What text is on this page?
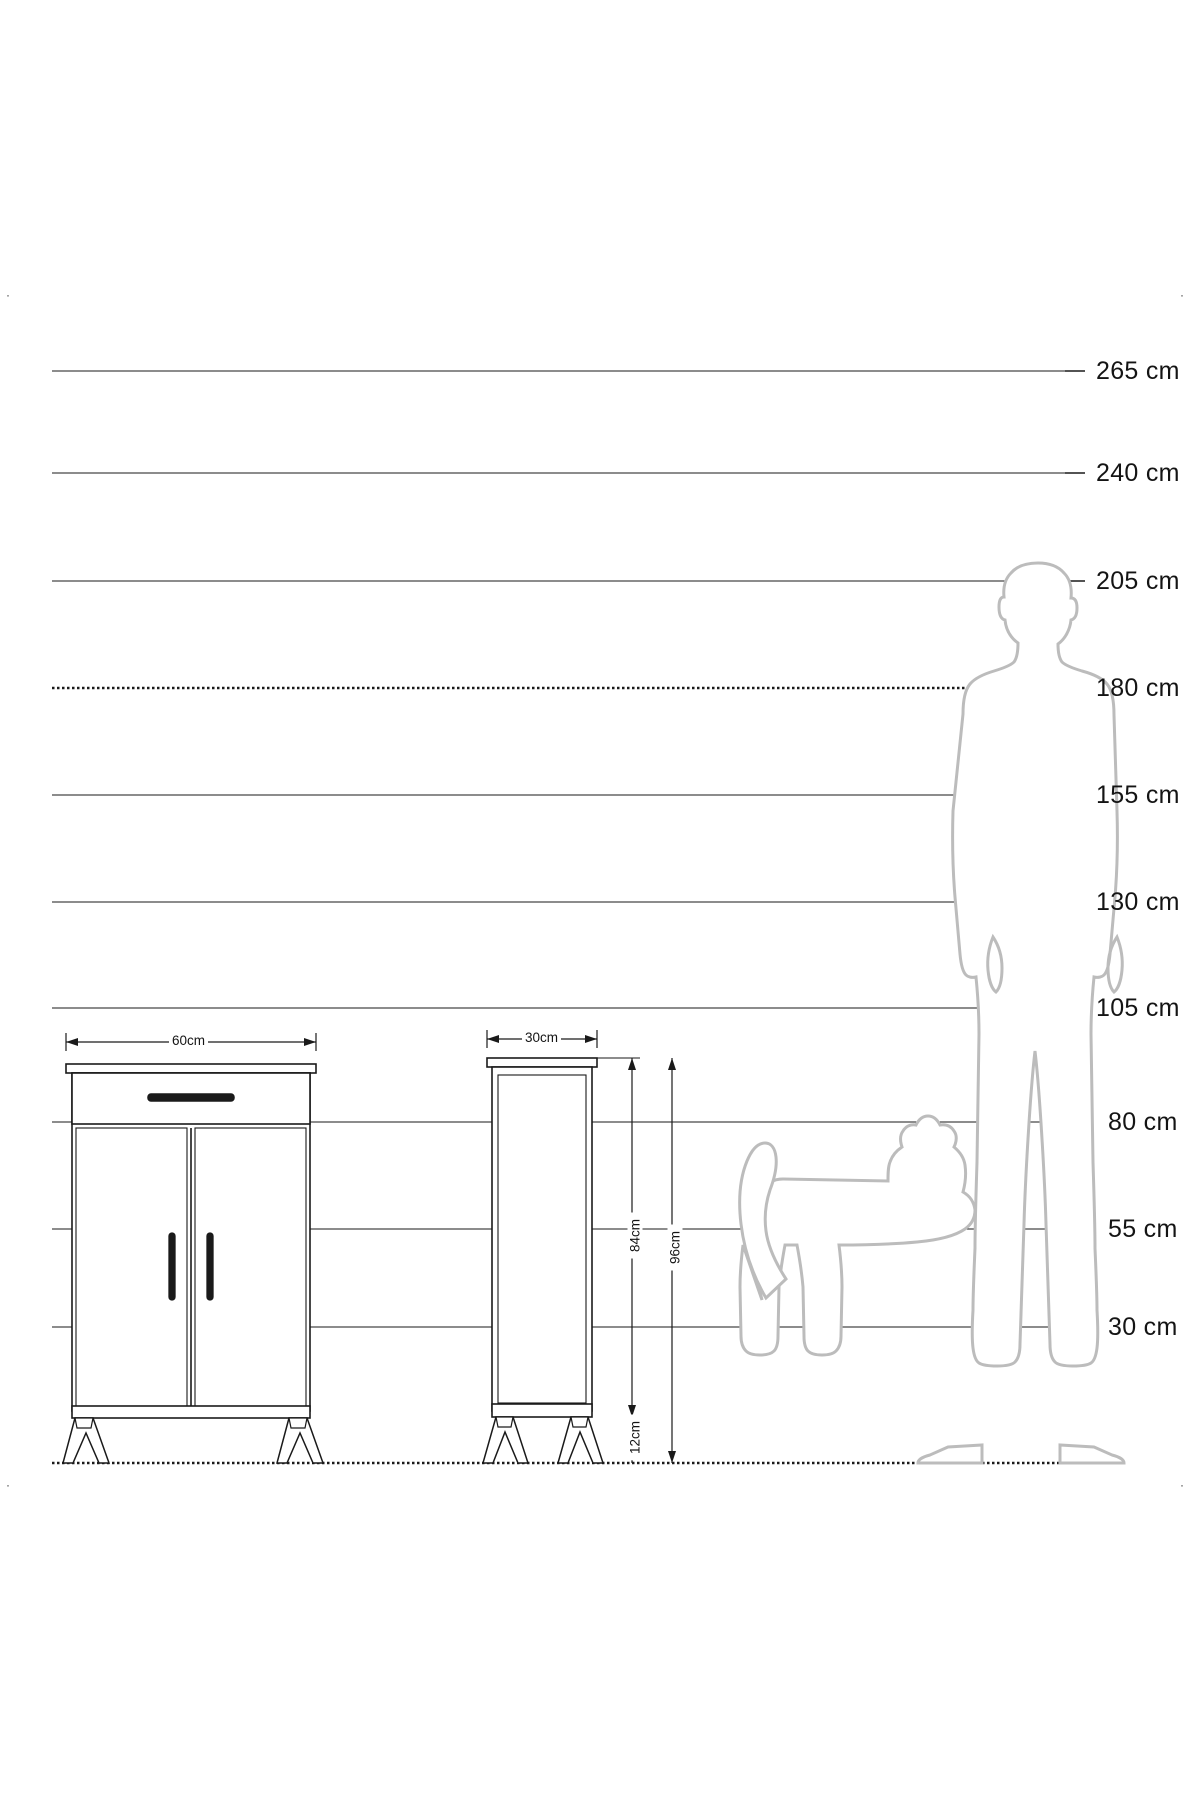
265 cm
240 cm
205 cm
180 cm
155 cm
130 cm
105 cm
80 cm
55 cm
30 cm
60cm	30cm
84cm 96cm
12cm
·	·
·	·
